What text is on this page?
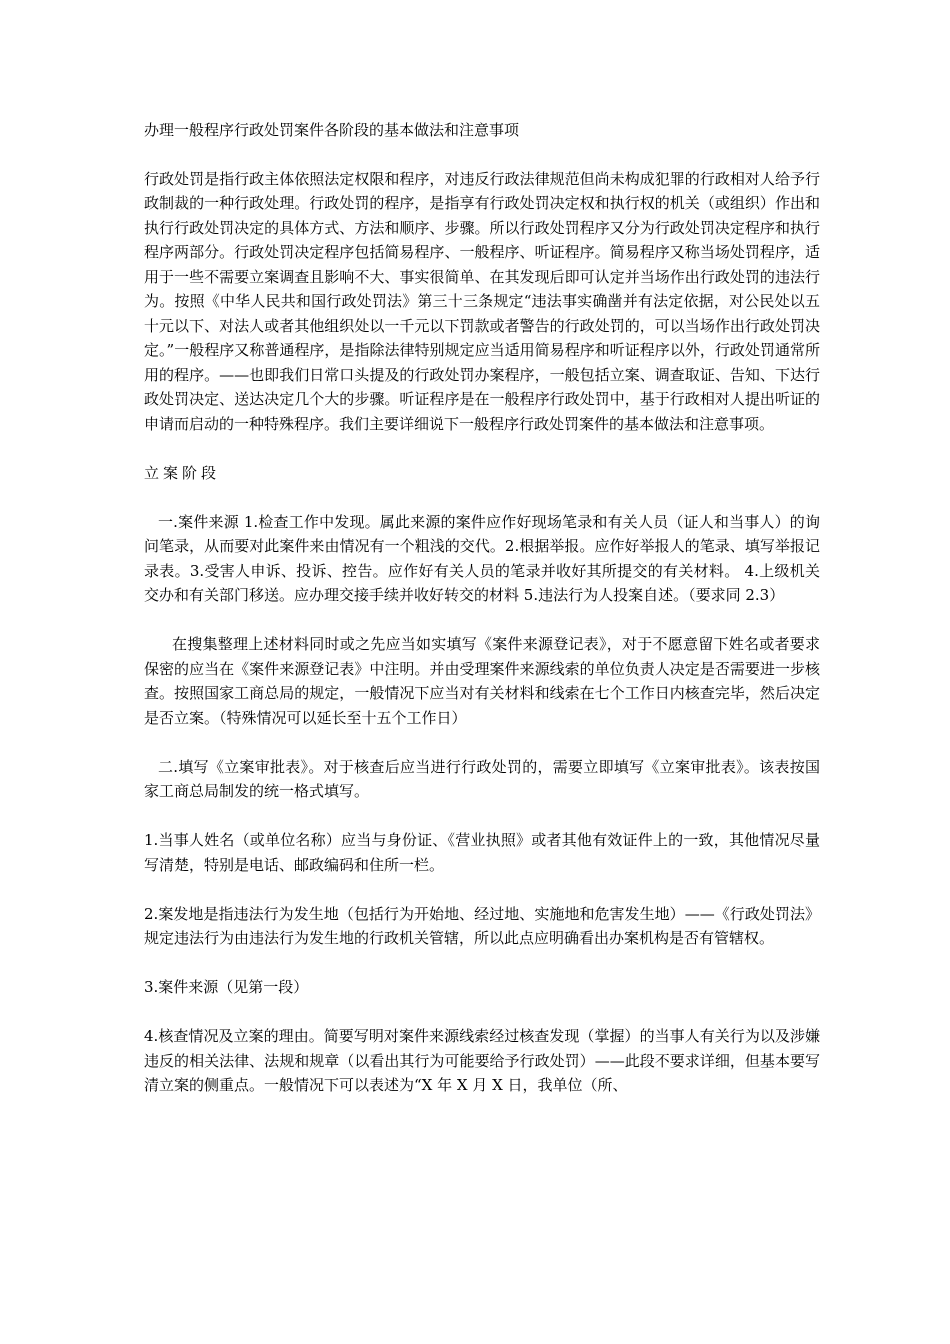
办理一般程序行政处罚案件各阶段的基本做法和注意事项

行政处罚是指行政主体依照法定权限和程序，对违反行政法律规范但尚未构成犯罪的行政相对人给予行政制裁的一种行政处理。行政处罚的程序，是指享有行政处罚决定权和执行权的机关（或组织）作出和执行行政处罚决定的具体方式、方法和顺序、步骤。所以行政处罚程序又分为行政处罚决定程序和执行程序两部分。行政处罚决定程序包括简易程序、一般程序、听证程序。简易程序又称当场处罚程序，适用于一些不需要立案调查且影响不大、事实很简单、在其发现后即可认定并当场作出行政处罚的违法行为。按照《中华人民共和国行政处罚法》第三十三条规定“违法事实确凿并有法定依据，对公民处以五十元以下、对法人或者其他组织处以一千元以下罚款或者警告的行政处罚的，可以当场作出行政处罚决定。”一般程序又称普通程序，是指除法律特别规定应当适用简易程序和听证程序以外，行政处罚通常所用的程序。——也即我们日常口头提及的行政处罚办案程序，一般包括立案、调查取证、告知、下达行政处罚决定、送达决定几个大的步骤。听证程序是在一般程序行政处罚中，基于行政相对人提出听证的申请而启动的一种特殊程序。我们主要详细说下一般程序行政处罚案件的基本做法和注意事项。

立案阶段

一.案件来源 1.检查工作中发现。属此来源的案件应作好现场笔录和有关人员（证人和当事人）的询问笔录，从而要对此案件来由情况有一个粗浅的交代。2.根据举报。应作好举报人的笔录、填写举报记录表。3.受害人申诉、投诉、控告。应作好有关人员的笔录并收好其所提交的有关材料。 4.上级机关交办和有关部门移送。应办理交接手续并收好转交的材料 5.违法行为人投案自述。（要求同 2.3）

在搜集整理上述材料同时或之先应当如实填写《案件来源登记表》，对于不愿意留下姓名或者要求保密的应当在《案件来源登记表》中注明。并由受理案件来源线索的单位负责人决定是否需要进一步核查。按照国家工商总局的规定，一般情况下应当对有关材料和线索在七个工作日内核查完毕，然后决定是否立案。（特殊情况可以延长至十五个工作日）

二.填写《立案审批表》。对于核查后应当进行行政处罚的，需要立即填写《立案审批表》。该表按国家工商总局制发的统一格式填写。

1.当事人姓名（或单位名称）应当与身份证、《营业执照》或者其他有效证件上的一致，其他情况尽量写清楚，特别是电话、邮政编码和住所一栏。

2.案发地是指违法行为发生地（包括行为开始地、经过地、实施地和危害发生地）——《行政处罚法》规定违法行为由违法行为发生地的行政机关管辖，所以此点应明确看出办案机构是否有管辖权。

3.案件来源（见第一段）

4.核查情况及立案的理由。简要写明对案件来源线索经过核查发现（掌握）的当事人有关行为以及涉嫌违反的相关法律、法规和规章（以看出其行为可能要给予行政处罚）——此段不要求详细，但基本要写清立案的侧重点。一般情况下可以表述为“X 年 X 月 X 日，我单位（所、
